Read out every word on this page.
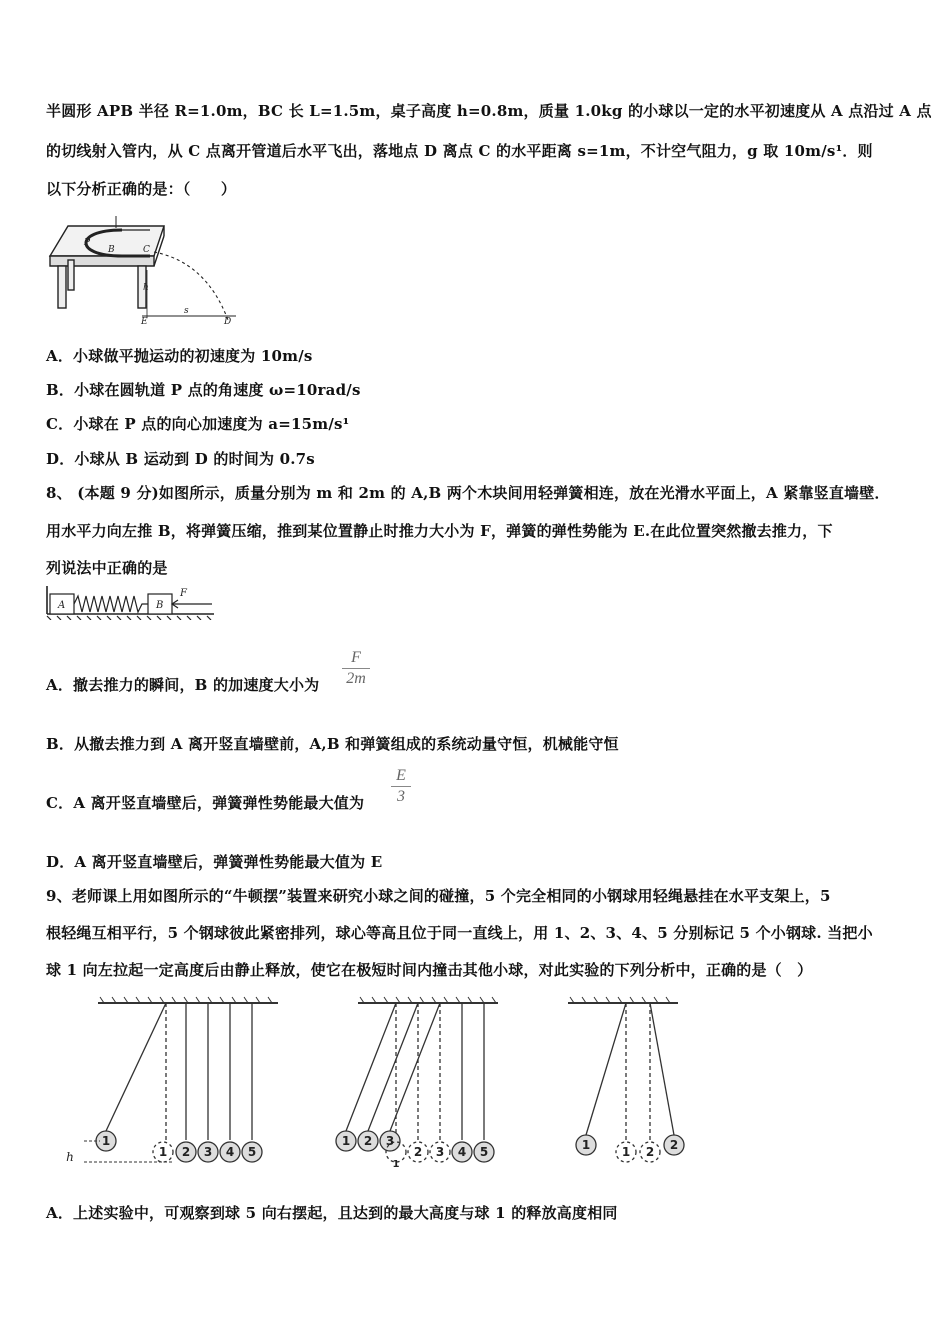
半圆形 APB 半径 R=1.0m，BC 长 L=1.5m，桌子高度 h=0.8m，质量 1.0kg 的小球以一定的水平初速度从 A 点沿过 A 点
的切线射入管内，从 C 点离开管道后水平飞出，落地点 D 离点 C 的水平距离 s=1m，不计空气阻力，g 取 10m/s¹．则
以下分析正确的是：（　　）
P
B	C
h
E
s
D
A．小球做平抛运动的初速度为 10m/s
B．小球在圆轨道 P 点的角速度 ω=10rad/s
C．小球在 P 点的向心加速度为 a=15m/s¹
D．小球从 B 运动到 D 的时间为 0.7s
8、 (本题 9 分)如图所示，质量分别为 m 和 2m 的 A,B 两个木块间用轻弹簧相连，放在光滑水平面上，A 紧靠竖直墙壁．
用水平力向左推 B，将弹簧压缩，推到某位置静止时推力大小为 F，弹簧的弹性势能为 E.在此位置突然撤去推力，下
列说法中正确的是
A	B
F
A．撤去推力的瞬间，B 的加速度大小为 $\frac{F}{2m}$
B．从撤去推力到 A 离开竖直墙壁前，A,B 和弹簧组成的系统动量守恒，机械能守恒
C．A 离开竖直墙壁后，弹簧弹性势能最大值为 $\frac{E}{3}$
D．A 离开竖直墙壁后，弹簧弹性势能最大值为 E
9、老师课上用如图所示的“牛顿摆”装置来研究小球之间的碰撞，5 个完全相同的小钢球用轻绳悬挂在水平支架上，5
根轻绳互相平行，5 个钢球彼此紧密排列，球心等高且位于同一直线上，用 1、2、3、4、5 分别标记 5 个小钢球. 当把小
球 1 向左拉起一定高度后由静止释放，使它在极短时间内撞击其他小球，对此实验的下列分析中，正确的是（　）
h
1
1 2 3 4 5
1 2 3
1
2 3 4 5	1	1 2 2
A．上述实验中，可观察到球 5 向右摆起，且达到的最大高度与球 1 的释放高度相同
